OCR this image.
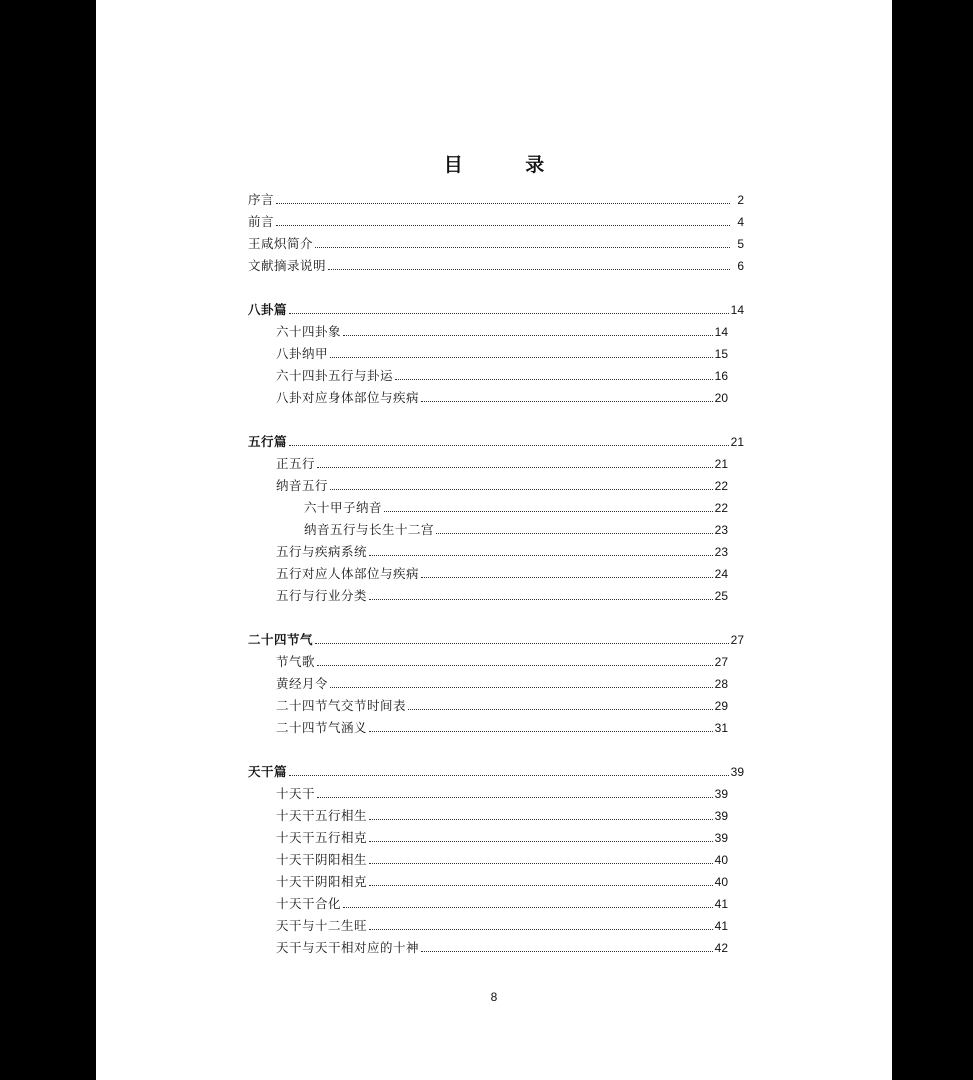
目 录
序言	2
前言	4
王咸炽简介	5
文献摘录说明	6
八卦篇	14
六十四卦象	14
八卦纳甲	15
六十四卦五行与卦运	16
八卦对应身体部位与疾病	20
五行篇	21
正五行	21
纳音五行	22
六十甲子纳音	22
纳音五行与长生十二宫	23
五行与疾病系统	23
五行对应人体部位与疾病	24
五行与行业分类	25
二十四节气	27
节气歌	27
黄经月令	28
二十四节气交节时间表	29
二十四节气涵义	31
天干篇	39
十天干	39
十天干五行相生	39
十天干五行相克	39
十天干阴阳相生	40
十天干阴阳相克	40
十天干合化	41
天干与十二生旺	41
天干与天干相对应的十神	42
8
